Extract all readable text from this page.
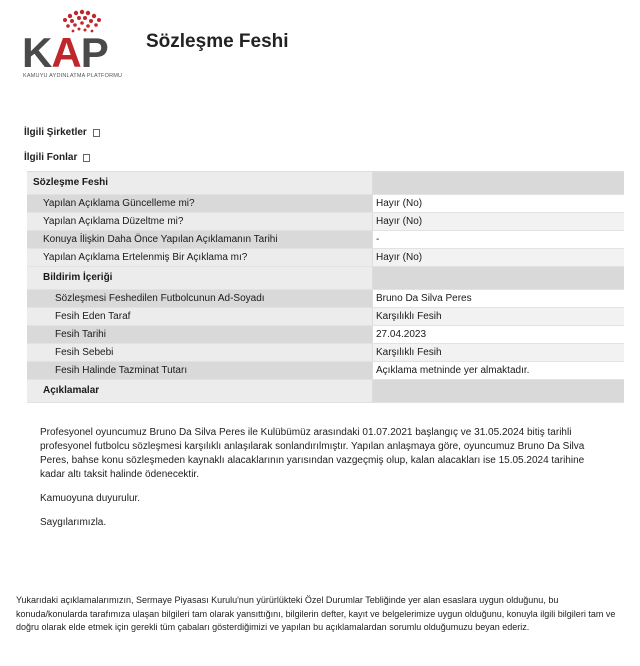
KAP
KAMUYU AYDINLATMA PLATFORMU
Sözleşme Feshi
İlgili Şirketler
İlgili Fonlar
Sözleşme Feshi
Yapılan Açıklama Güncelleme mi?	Hayır (No)
Yapılan Açıklama Düzeltme mi?	Hayır (No)
Konuya İlişkin Daha Önce Yapılan Açıklamanın Tarihi	-
Yapılan Açıklama Ertelenmiş Bir Açıklama mı?	Hayır (No)
Bildirim İçeriği
Sözleşmesi Feshedilen Futbolcunun Ad-Soyadı	Bruno Da Silva Peres
Fesih Eden Taraf	Karşılıklı Fesih
Fesih Tarihi	27.04.2023
Fesih Sebebi	Karşılıklı Fesih
Fesih Halinde Tazminat Tutarı	Açıklama metninde yer almaktadır.
Açıklamalar

Profesyonel oyuncumuz Bruno Da Silva Peres ile Kulübümüz arasındaki 01.07.2021 başlangıç ve 31.05.2024 bitiş tarihli profesyonel futbolcu sözleşmesi karşılıklı anlaşılarak sonlandırılmıştır. Yapılan anlaşmaya göre, oyuncumuz Bruno Da Silva Peres, bahse konu sözleşmeden kaynaklı alacaklarının yarısından vazgeçmiş olup, kalan alacakları ise 15.05.2024 tarihine kadar altı taksit halinde ödenecektir.

Kamuoyuna duyurulur.

Saygılarımızla.

Yukarıdaki açıklamalarımızın, Sermaye Piyasası Kurulu'nun yürürlükteki Özel Durumlar Tebliğinde yer alan esaslara uygun olduğunu, bu konuda/konularda tarafımıza ulaşan bilgileri tam olarak yansıttığını, bilgilerin defter, kayıt ve belgelerimize uygun olduğunu, konuyla ilgili bilgileri tam ve doğru olarak elde etmek için gerekli tüm çabaları gösterdiğimizi ve yapılan bu açıklamalardan sorumlu olduğumuzu beyan ederiz.
